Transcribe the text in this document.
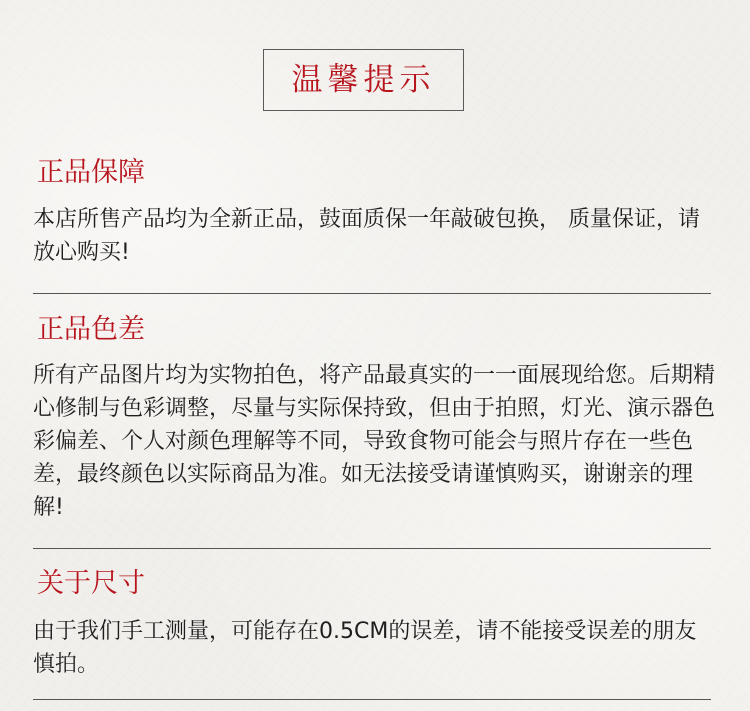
温馨提示
正品保障

本店所售产品均为全新正品，鼓面质保一年敲破包换， 质量保证，请放心购买!

正品色差

所有产品图片均为实物拍色，将产品最真实的一一面展现给您。后期精心修制与色彩调整，尽量与实际保持致，但由于拍照，灯光、演示器色彩偏差、个人对颜色理解等不同，导致食物可能会与照片存在一些色差，最终颜色以实际商品为准。如无法接受请谨慎购买，谢谢亲的理解!

关于尺寸

由于我们手工测量，可能存在0.5CM的误差，请不能接受误差的朋友慎拍。
